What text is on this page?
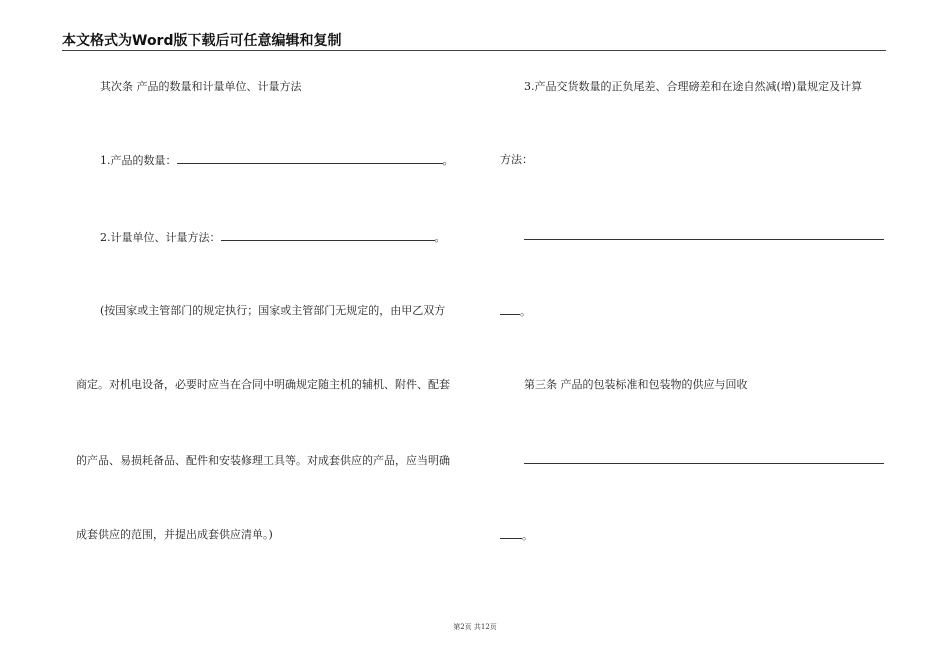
本文格式为Word版下载后可任意编辑和复制
其次条 产品的数量和计量单位、计量方法
1.产品的数量：	。
2.计量单位、计量方法：	。
(按国家或主管部门的规定执行；国家或主管部门无规定的，由甲乙双方
商定。对机电设备，必要时应当在合同中明确规定随主机的辅机、附件、配套
的产品、易损耗备品、配件和安装修理工具等。对成套供应的产品，应当明确
成套供应的范围，并提出成套供应清单。)
3.产品交货数量的正负尾差、合理磅差和在途自然减(增)量规定及计算
方法：
。
第三条 产品的包装标准和包装物的供应与回收
。
第2页 共12页
